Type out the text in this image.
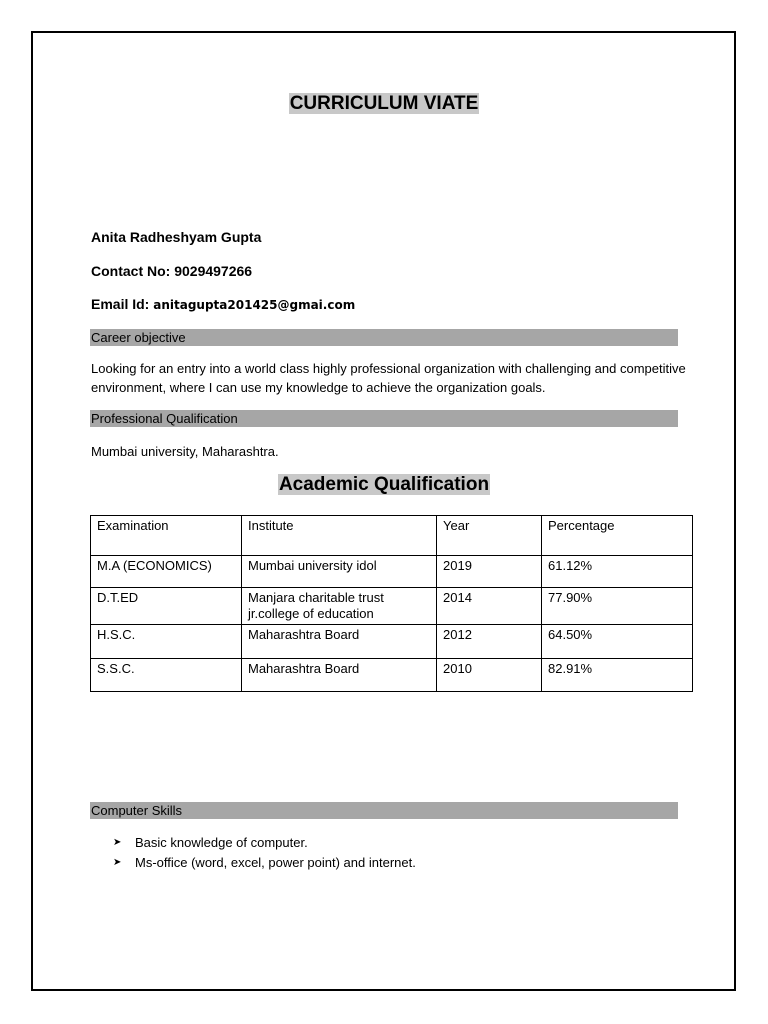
CURRICULUM VIATE
Anita Radheshyam Gupta
Contact No: 9029497266
Email Id: anitagupta201425@gmai.com
Career objective
Looking for an entry into a world class highly professional organization with challenging and competitive environment, where I can use my knowledge to achieve the organization goals.
Professional Qualification
Mumbai university, Maharashtra.
Academic Qualification
Examination	Institute	Year	Percentage
M.A (ECONOMICS)	Mumbai university idol	2019	61.12%
D.T.ED	Manjara charitable trust jr.college of education	2014	77.90%
H.S.C.	Maharashtra Board	2012	64.50%
S.S.C.	Maharashtra Board	2010	82.91%
Computer Skills
➤	Basic knowledge of computer.
➤	Ms-office (word, excel, power point) and internet.
